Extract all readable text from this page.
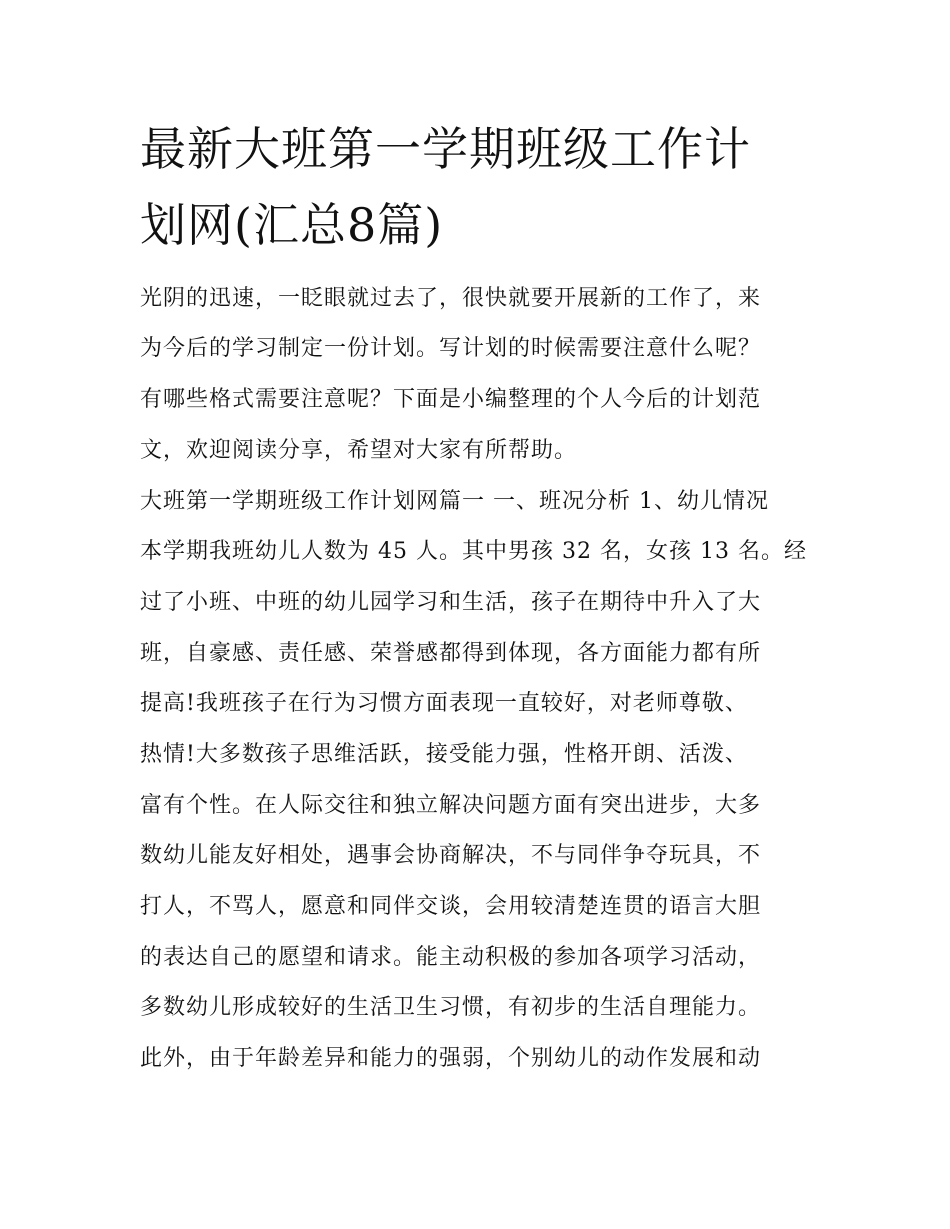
最新大班第一学期班级工作计
划网(汇总8篇)

光阴的迅速，一眨眼就过去了，很快就要开展新的工作了，来

为今后的学习制定一份计划。写计划的时候需要注意什么呢？

有哪些格式需要注意呢？下面是小编整理的个人今后的计划范

文，欢迎阅读分享，希望对大家有所帮助。

大班第一学期班级工作计划网篇一 一、班况分析 1、幼儿情况

本学期我班幼儿人数为 45 人。其中男孩 32 名，女孩 13 名。经

过了小班、中班的幼儿园学习和生活，孩子在期待中升入了大

班，自豪感、责任感、荣誉感都得到体现，各方面能力都有所

提高!我班孩子在行为习惯方面表现一直较好，对老师尊敬、

热情!大多数孩子思维活跃，接受能力强，性格开朗、活泼、

富有个性。在人际交往和独立解决问题方面有突出进步，大多

数幼儿能友好相处，遇事会协商解决，不与同伴争夺玩具，不

打人，不骂人，愿意和同伴交谈，会用较清楚连贯的语言大胆

的表达自己的愿望和请求。能主动积极的参加各项学习活动，

多数幼儿形成较好的生活卫生习惯，有初步的生活自理能力。

此外，由于年龄差异和能力的强弱，个别幼儿的动作发展和动
